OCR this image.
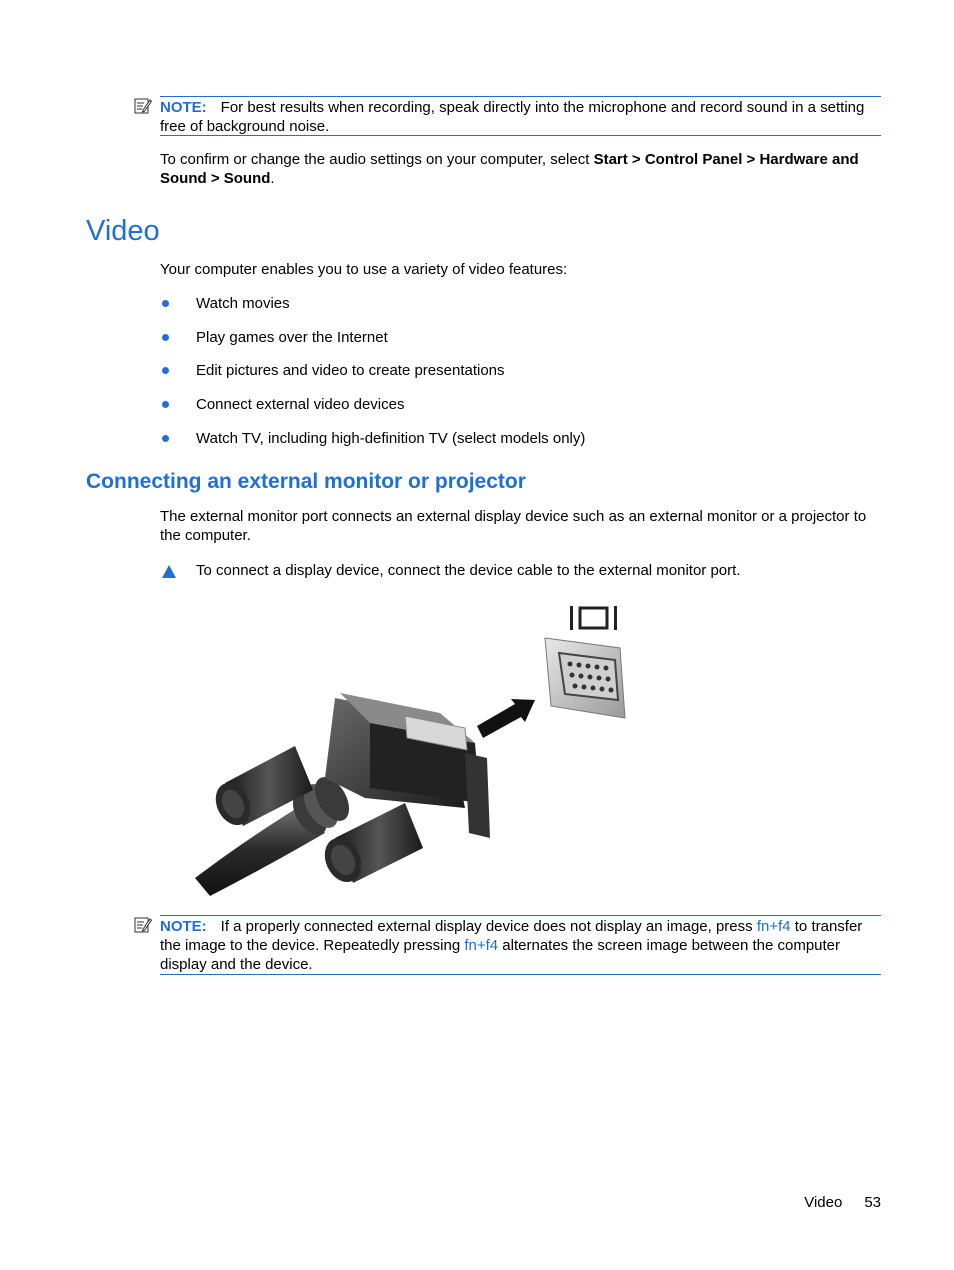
NOTE: For best results when recording, speak directly into the microphone and record sound in a setting free of background noise.
To confirm or change the audio settings on your computer, select Start > Control Panel > Hardware and Sound > Sound.
Video
Your computer enables you to use a variety of video features:
Watch movies
Play games over the Internet
Edit pictures and video to create presentations
Connect external video devices
Watch TV, including high-definition TV (select models only)
Connecting an external monitor or projector
The external monitor port connects an external display device such as an external monitor or a projector to the computer.
To connect a display device, connect the device cable to the external monitor port.
NOTE: If a properly connected external display device does not display an image, press fn+f4 to transfer the image to the device. Repeatedly pressing fn+f4 alternates the screen image between the computer display and the device.
Video 53
